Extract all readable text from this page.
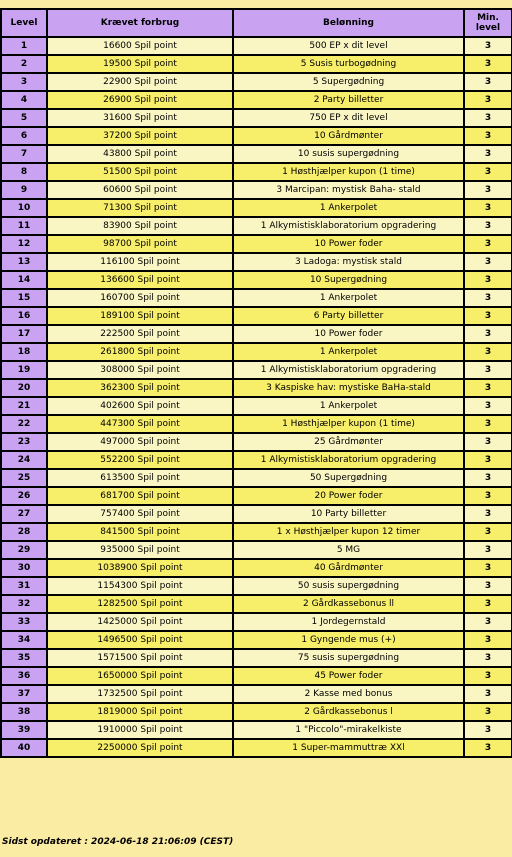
Level	Krævet forbrug	Belønning	Min.
level
1	16600 Spil point	500 EP x dit level	3
2	19500 Spil point	5 Susis turbogødning	3
3	22900 Spil point	5 Supergødning	3
4	26900 Spil point	2 Party billetter	3
5	31600 Spil point	750 EP x dit level	3
6	37200 Spil point	10 Gårdmønter	3
7	43800 Spil point	10 susis supergødning	3
8	51500 Spil point	1 Høsthjælper kupon (1 time)	3
9	60600 Spil point	3 Marcipan: mystisk Baha- stald	3
10	71300 Spil point	1 Ankerpolet	3
11	83900 Spil point	1 Alkymistisklaboratorium opgradering	3
12	98700 Spil point	10 Power foder	3
13	116100 Spil point	3 Ladoga: mystisk stald	3
14	136600 Spil point	10 Supergødning	3
15	160700 Spil point	1 Ankerpolet	3
16	189100 Spil point	6 Party billetter	3
17	222500 Spil point	10 Power foder	3
18	261800 Spil point	1 Ankerpolet	3
19	308000 Spil point	1 Alkymistisklaboratorium opgradering	3
20	362300 Spil point	3 Kaspiske hav: mystiske BaHa-stald	3
21	402600 Spil point	1 Ankerpolet	3
22	447300 Spil point	1 Høsthjælper kupon (1 time)	3
23	497000 Spil point	25 Gårdmønter	3
24	552200 Spil point	1 Alkymistisklaboratorium opgradering	3
25	613500 Spil point	50 Supergødning	3
26	681700 Spil point	20 Power foder	3
27	757400 Spil point	10 Party billetter	3
28	841500 Spil point	1 x Høsthjælper kupon 12 timer	3
29	935000 Spil point	5 MG	3
30	1038900 Spil point	40 Gårdmønter	3
31	1154300 Spil point	50 susis supergødning	3
32	1282500 Spil point	2 Gårdkassebonus ll	3
33	1425000 Spil point	1 Jordegernstald	3
34	1496500 Spil point	1 Gyngende mus (+)	3
35	1571500 Spil point	75 susis supergødning	3
36	1650000 Spil point	45 Power foder	3
37	1732500 Spil point	2 Kasse med bonus	3
38	1819000 Spil point	2 Gårdkassebonus l	3
39	1910000 Spil point	1 "Piccolo"-mirakelkiste	3
40	2250000 Spil point	1 Super-mammuttræ XXl	3
Sidst opdateret : 2024-06-18 21:06:09 (CEST)
